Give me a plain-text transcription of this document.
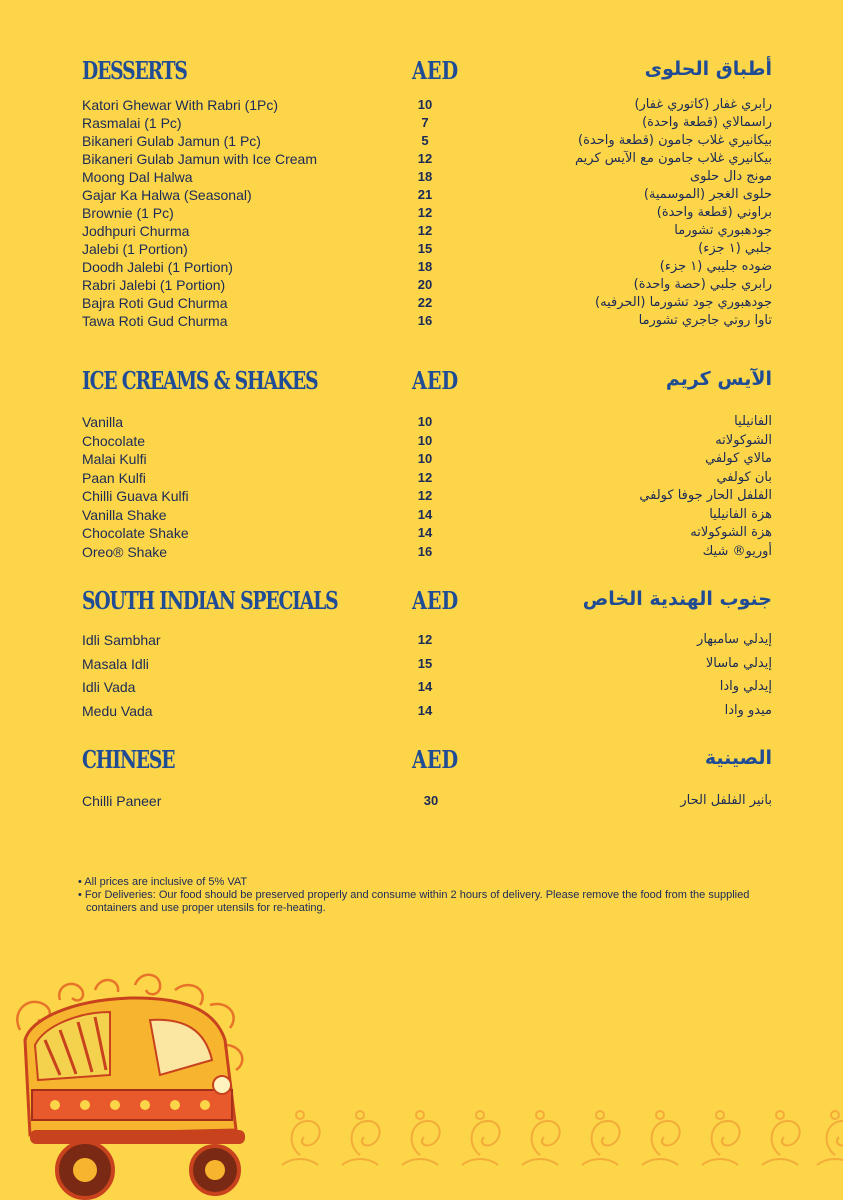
DESSERTS	AED	أطباق الحلوى
Katori Ghewar With Rabri (1Pc)	10	رابري غفار (كاتوري غفار)
Rasmalai (1 Pc)	7	راسمالاي (قطعة واحدة)
Bikaneri Gulab Jamun (1 Pc)	5	بيكانيري غلاب جامون (قطعة واحدة)
Bikaneri Gulab Jamun with Ice Cream	12	بيكانيري غلاب جامون مع الآيس كريم
Moong Dal Halwa	18	مونج دال حلوى
Gajar Ka Halwa (Seasonal)	21	حلوى الغجر (الموسمية)
Brownie (1 Pc)	12	براوني (قطعة واحدة)
Jodhpuri Churma	12	جودهبوري تشورما
Jalebi (1 Portion)	15	جلبي (١ جزء)
Doodh Jalebi (1 Portion)	18	ضوده جليبي (١ جزء)
Rabri Jalebi (1 Portion)	20	رابري جلبي (حصة واحدة)
Bajra Roti Gud Churma	22	جودهبوري جود تشورما (الحرفيه)
Tawa Roti Gud Churma	16	تاوا روتي جاجري تشورما
ICE CREAMS & SHAKES	AED	الآيس كريم
Vanilla	10	الفانيليا
Chocolate	10	الشوكولاته
Malai Kulfi	10	مالاي كولفي
Paan Kulfi	12	بان كولفي
Chilli Guava Kulfi	12	الفلفل الحار جوفا كولفي
Vanilla Shake	14	هزة الفانيليا
Chocolate Shake	14	هزة الشوكولاته
Oreo® Shake	16	أوريو® شيك
SOUTH INDIAN SPECIALS	AED	جنوب الهندية الخاص
Idli Sambhar	12	إيدلي سامبهار
Masala Idli	15	إيدلي ماسالا
Idli Vada	14	إيدلي وادا
Medu Vada	14	ميدو وادا
CHINESE	AED	الصينية
Chilli Paneer	30	بانير الفلفل الحار
• All prices are inclusive of 5% VAT
• For Deliveries: Our food should be preserved properly and consume within 2 hours of delivery. Please remove the food from the supplied containers and use proper utensils for re-heating.
